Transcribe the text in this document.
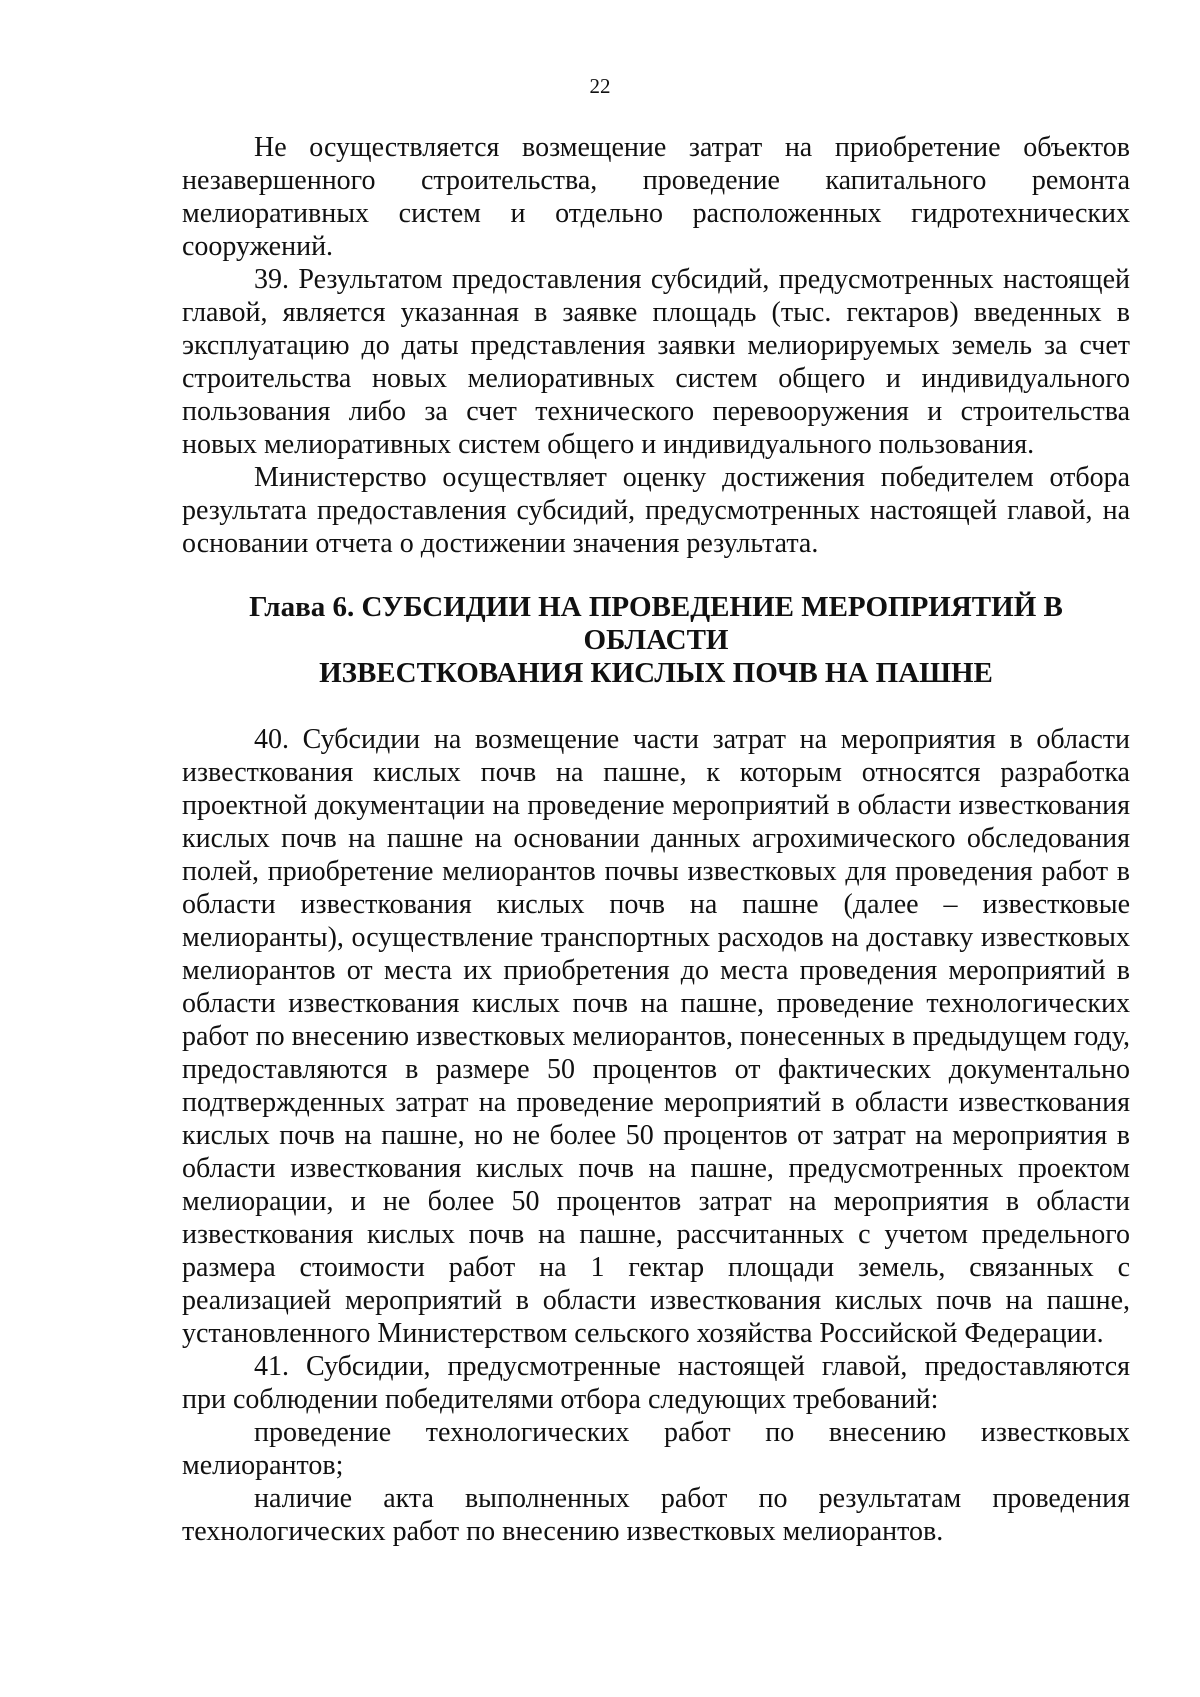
22

Не осуществляется возмещение затрат на приобретение объектов незавершенного строительства, проведение капитального ремонта мелиоративных систем и отдельно расположенных гидротехнических сооружений.

39. Результатом предоставления субсидий, предусмотренных настоящей главой, является указанная в заявке площадь (тыс. гектаров) введенных в эксплуатацию до даты представления заявки мелиорируемых земель за счет строительства новых мелиоративных систем общего и индивидуального пользования либо за счет технического перевооружения и строительства новых мелиоративных систем общего и индивидуального пользования.

Министерство осуществляет оценку достижения победителем отбора результата предоставления субсидий, предусмотренных настоящей главой, на основании отчета о достижении значения результата.

Глава 6. СУБСИДИИ НА ПРОВЕДЕНИЕ МЕРОПРИЯТИЙ В ОБЛАСТИ
ИЗВЕСТКОВАНИЯ КИСЛЫХ ПОЧВ НА ПАШНЕ

40. Субсидии на возмещение части затрат на мероприятия в области известкования кислых почв на пашне, к которым относятся разработка проектной документации на проведение мероприятий в области известкования кислых почв на пашне на основании данных агрохимического обследования полей, приобретение мелиорантов почвы известковых для проведения работ в области известкования кислых почв на пашне (далее – известковые мелиоранты), осуществление транспортных расходов на доставку известковых мелиорантов от места их приобретения до места проведения мероприятий в области известкования кислых почв на пашне, проведение технологических работ по внесению известковых мелиорантов, понесенных в предыдущем году, предоставляются в размере 50 процентов от фактических документально подтвержденных затрат на проведение мероприятий в области известкования кислых почв на пашне, но не более 50 процентов от затрат на мероприятия в области известкования кислых почв на пашне, предусмотренных проектом мелиорации, и не более 50 процентов затрат на мероприятия в области известкования кислых почв на пашне, рассчитанных с учетом предельного размера стоимости работ на 1 гектар площади земель, связанных с реализацией мероприятий в области известкования кислых почв на пашне, установленного Министерством сельского хозяйства Российской Федерации.

41. Субсидии, предусмотренные настоящей главой, предоставляются при соблюдении победителями отбора следующих требований:

проведение технологических работ по внесению известковых мелиорантов;

наличие акта выполненных работ по результатам проведения технологических работ по внесению известковых мелиорантов.
